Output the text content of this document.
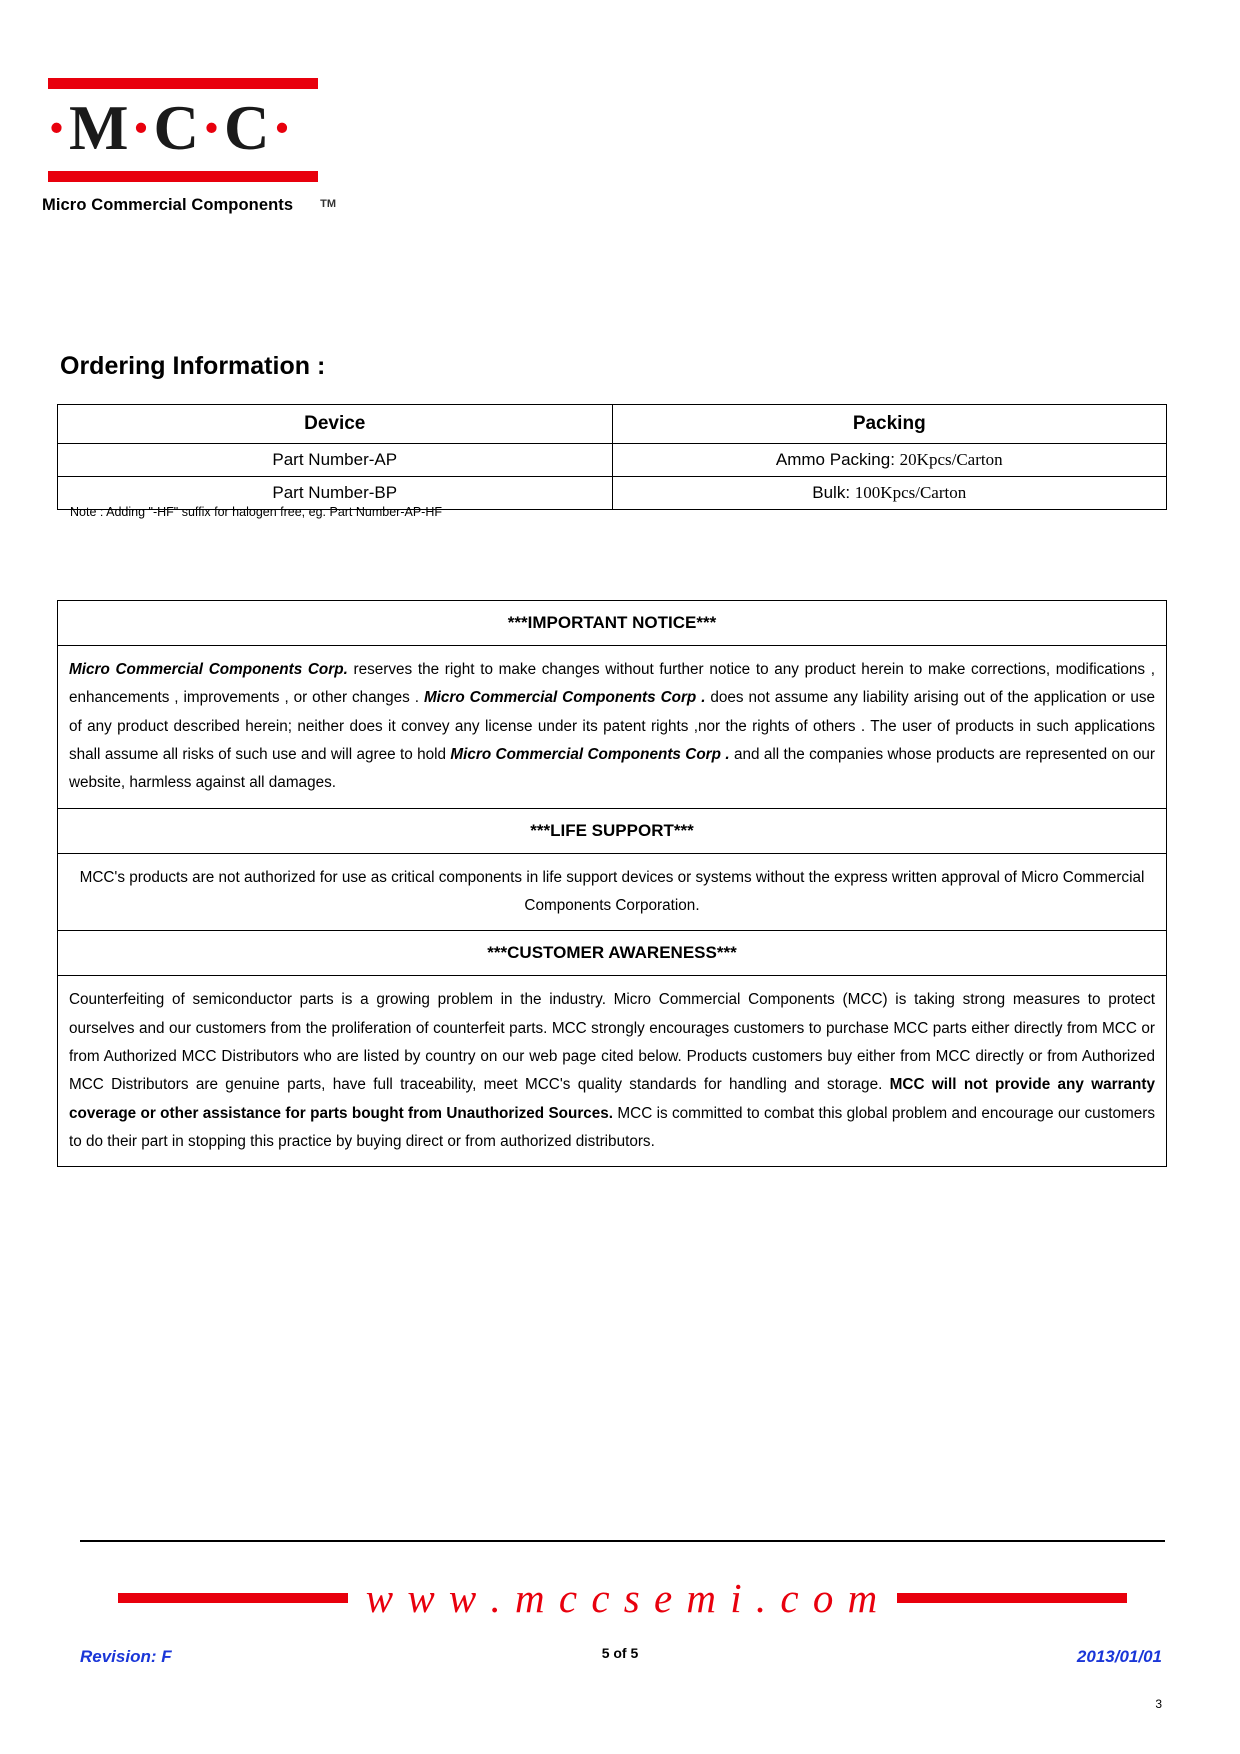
·M·C·C·
TM
Micro Commercial Components
Ordering Information :
Device	Packing
Part Number-AP	Ammo Packing: 20Kpcs/Carton
Part Number-BP	Bulk: 100Kpcs/Carton
Note : Adding "-HF" suffix for halogen free, eg. Part Number-AP-HF
***IMPORTANT NOTICE***
Micro Commercial Components Corp. reserves the right to make changes without further notice to any product herein to make corrections, modifications , enhancements , improvements , or other changes . Micro Commercial Components Corp . does not assume any liability arising out of the application or use of any product described herein; neither does it convey any license under its patent rights ,nor the rights of others . The user of products in such applications shall assume all risks of such use and will agree to hold Micro Commercial Components Corp . and all the companies whose products are represented on our website, harmless against all damages.
***LIFE SUPPORT***
MCC's products are not authorized for use as critical components in life support devices or systems without the express written approval of Micro Commercial Components Corporation.
***CUSTOMER AWARENESS***
Counterfeiting of semiconductor parts is a growing problem in the industry. Micro Commercial Components (MCC) is taking strong measures to protect ourselves and our customers from the proliferation of counterfeit parts. MCC strongly encourages customers to purchase MCC parts either directly from MCC or from Authorized MCC Distributors who are listed by country on our web page cited below. Products customers buy either from MCC directly or from Authorized MCC Distributors are genuine parts, have full traceability, meet MCC's quality standards for handling and storage. MCC will not provide any warranty coverage or other assistance for parts bought from Unauthorized Sources. MCC is committed to combat this global problem and encourage our customers to do their part in stopping this practice by buying direct or from authorized distributors.
w w w . m c c s e m i . c o m
Revision: F	5 of 5	2013/01/01
3
